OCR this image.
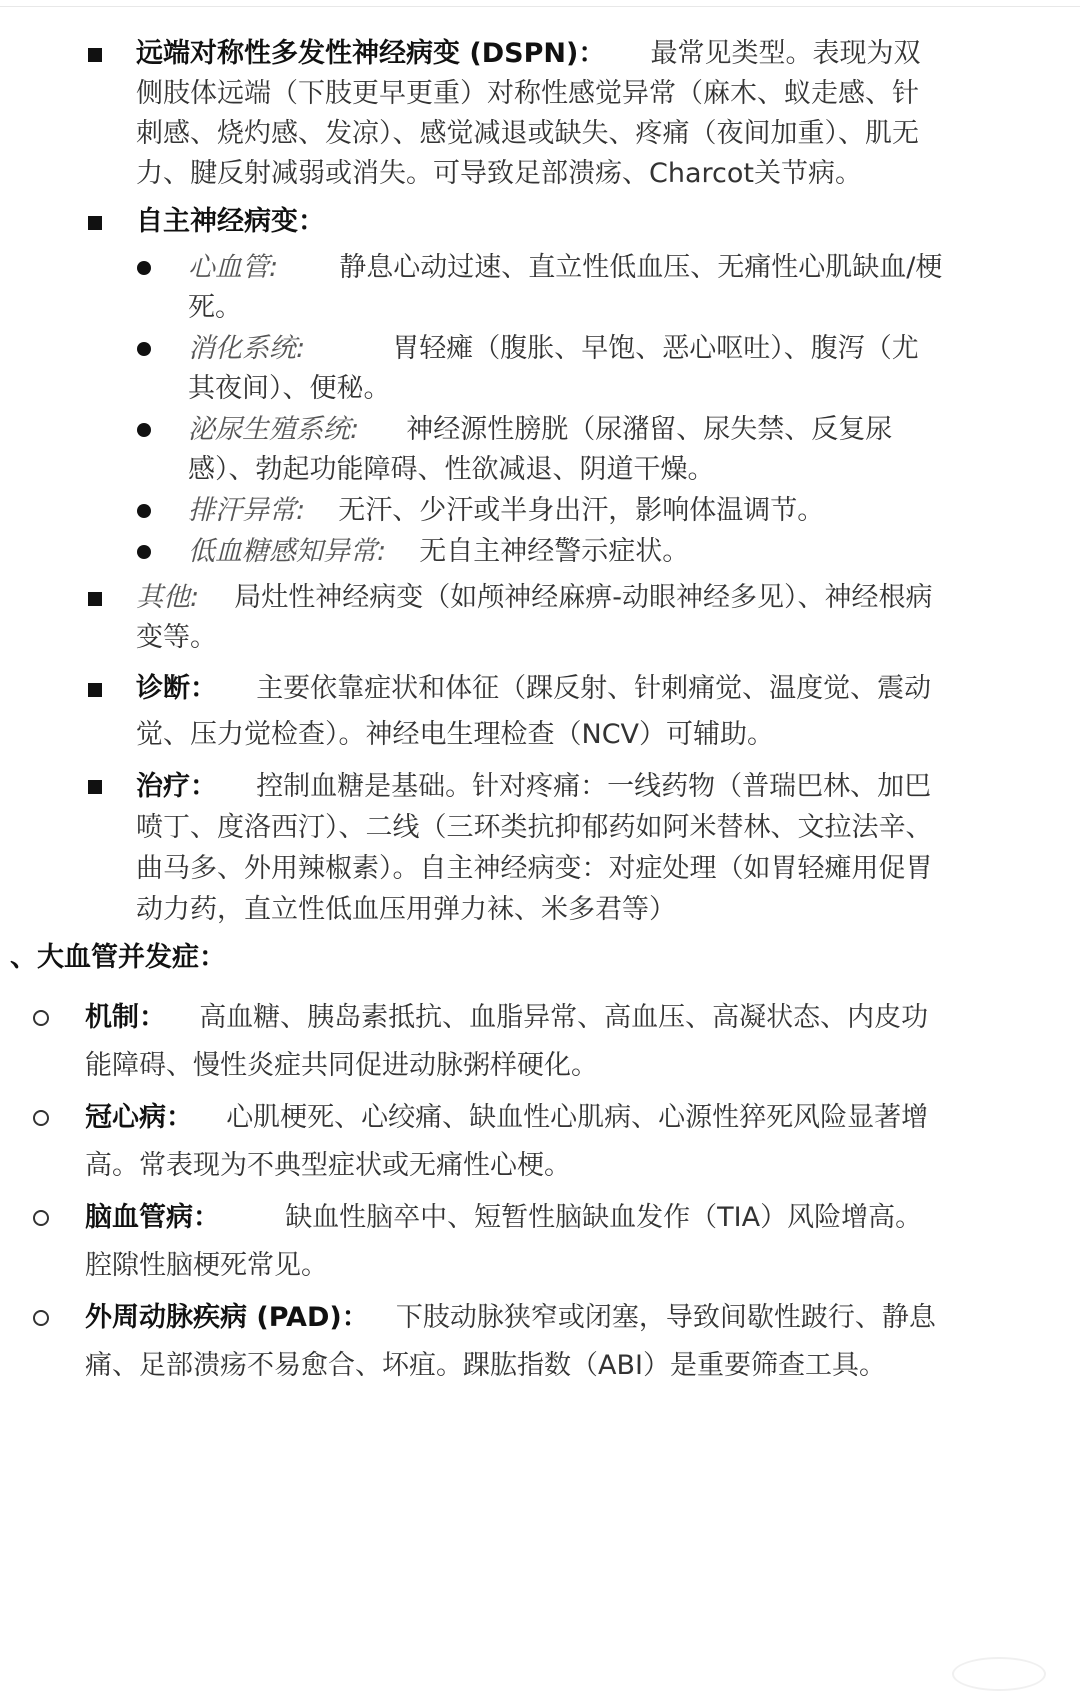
远端对称性多发性神经病变 (DSPN)： 最常见类型。表现为双侧肢体远端（下肢更早更重）对称性感觉异常（麻木、蚁走感、针刺感、烧灼感、发凉）、感觉减退或缺失、疼痛（夜间加重）、肌无力、腱反射减弱或消失。可导致足部溃疡、Charcot关节病。
自主神经病变：
心血管: 静息心动过速、直立性低血压、无痛性心肌缺血/梗死。
消化系统:	胃轻瘫（腹胀、早饱、恶心呕吐）、腹泻（尤其夜间）、便秘。
泌尿生殖系统: 神经源性膀胱（尿潴留、尿失禁、反复尿感）、勃起功能障碍、性欲减退、阴道干燥。
排汗异常: 无汗、少汗或半身出汗，影响体温调节。
低血糖感知异常: 无自主神经警示症状。
其他: 局灶性神经病变（如颅神经麻痹-动眼神经多见）、神经根病变等。
诊断： 主要依靠症状和体征（踝反射、针刺痛觉、温度觉、震动觉、压力觉检查）。神经电生理检查（NCV）可辅助。
治疗： 控制血糖是基础。针对疼痛：一线药物（普瑞巴林、加巴喷丁、度洛西汀）、二线（三环类抗抑郁药如阿米替林、文拉法辛、曲马多、外用辣椒素）。自主神经病变：对症处理（如胃轻瘫用促胃动力药，直立性低血压用弹力袜、米多君等）
、大血管并发症：
机制： 高血糖、胰岛素抵抗、血脂异常、高血压、高凝状态、内皮功能障碍、慢性炎症共同促进动脉粥样硬化。
冠心病： 心肌梗死、心绞痛、缺血性心肌病、心源性猝死风险显著增高。常表现为不典型症状或无痛性心梗。
脑血管病： 缺血性脑卒中、短暂性脑缺血发作（TIA）风险增高。腔隙性脑梗死常见。
外周动脉疾病 (PAD)： 下肢动脉狭窄或闭塞，导致间歇性跛行、静息痛、足部溃疡不易愈合、坏疽。踝肱指数（ABI）是重要筛查工具。
